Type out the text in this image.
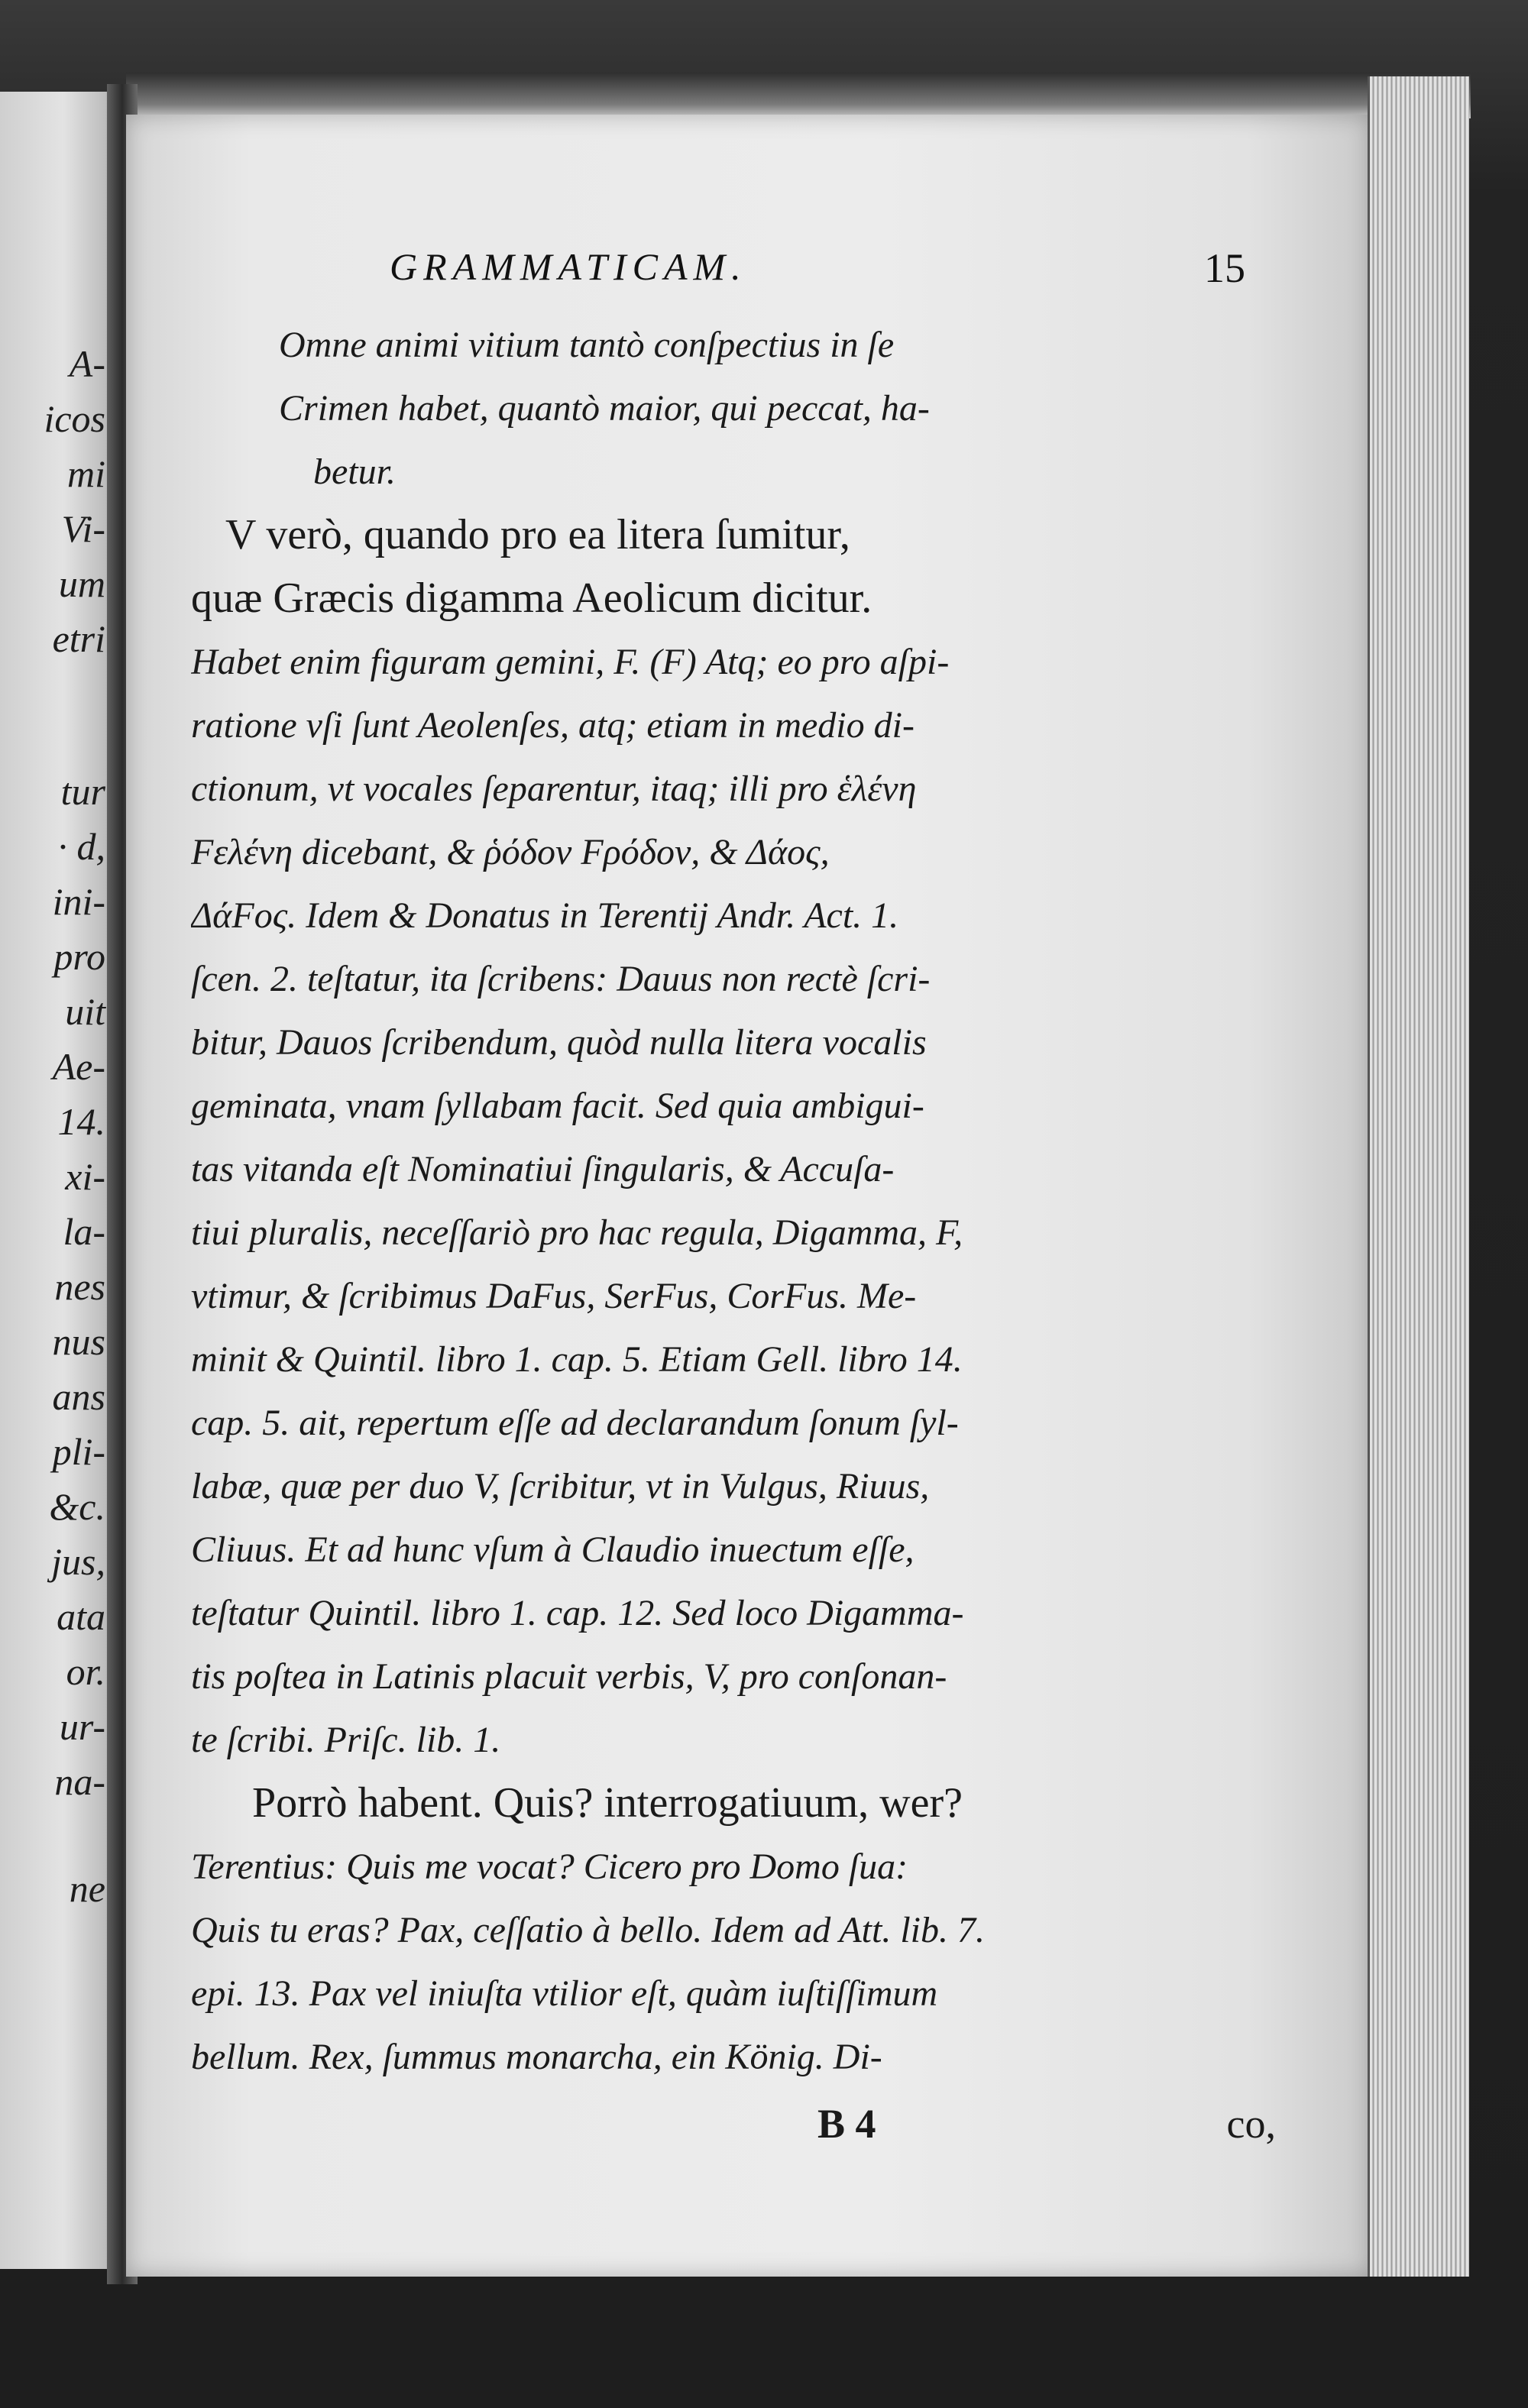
A-
icos
mi
Vi-
um
etri
tur
· d,
ini-
pro
uit
Ae-
14.
xi-
la-
nes
nus
ans
pli-
&c.
jus,
ata
or.
ur-
na-
ne
GRAMMATICAM.	15
Omne animi vitium tantò conſpectius in ſe
Crimen habet, quantò maior, qui peccat, ha-
betur.
V verò, quando pro ea litera ſumitur,
quæ Græcis digamma Aeolicum dicitur.
Habet enim figuram gemini, F. (F) Atq; eo pro aſpi-
ratione vſi ſunt Aeolenſes, atq; etiam in medio di-
ctionum, vt vocales ſeparentur, itaq; illi pro ἑλένη
Fελένη dicebant, & ῥόδον Fρόδον, & Δάος,
ΔάFος. Idem & Donatus in Terentij Andr. Act. 1.
ſcen. 2. teſtatur, ita ſcribens: Dauus non rectè ſcri-
bitur, Dauos ſcribendum, quòd nulla litera vocalis
geminata, vnam ſyllabam facit. Sed quia ambigui-
tas vitanda eſt Nominatiui ſingularis, & Accuſa-
tiui pluralis, neceſſariò pro hac regula, Digamma, F,
vtimur, & ſcribimus DaFus, SerFus, CorFus. Me-
minit & Quintil. libro 1. cap. 5. Etiam Gell. libro 14.
cap. 5. ait, repertum eſſe ad declarandum ſonum ſyl-
labæ, quæ per duo V, ſcribitur, vt in Vulgus, Riuus,
Cliuus. Et ad hunc vſum à Claudio inuectum eſſe,
teſtatur Quintil. libro 1. cap. 12. Sed loco Digamma-
tis poſtea in Latinis placuit verbis, V, pro conſonan-
te ſcribi. Priſc. lib. 1.
Porrò habent. Quis? interrogatiuum, wer?
Terentius: Quis me vocat? Cicero pro Domo ſua:
Quis tu eras? Pax, ceſſatio à bello. Idem ad Att. lib. 7.
epi. 13. Pax vel iniuſta vtilior eſt, quàm iuſtiſſimum
bellum. Rex, ſummus monarcha, ein König. Di-
B 4	co,
